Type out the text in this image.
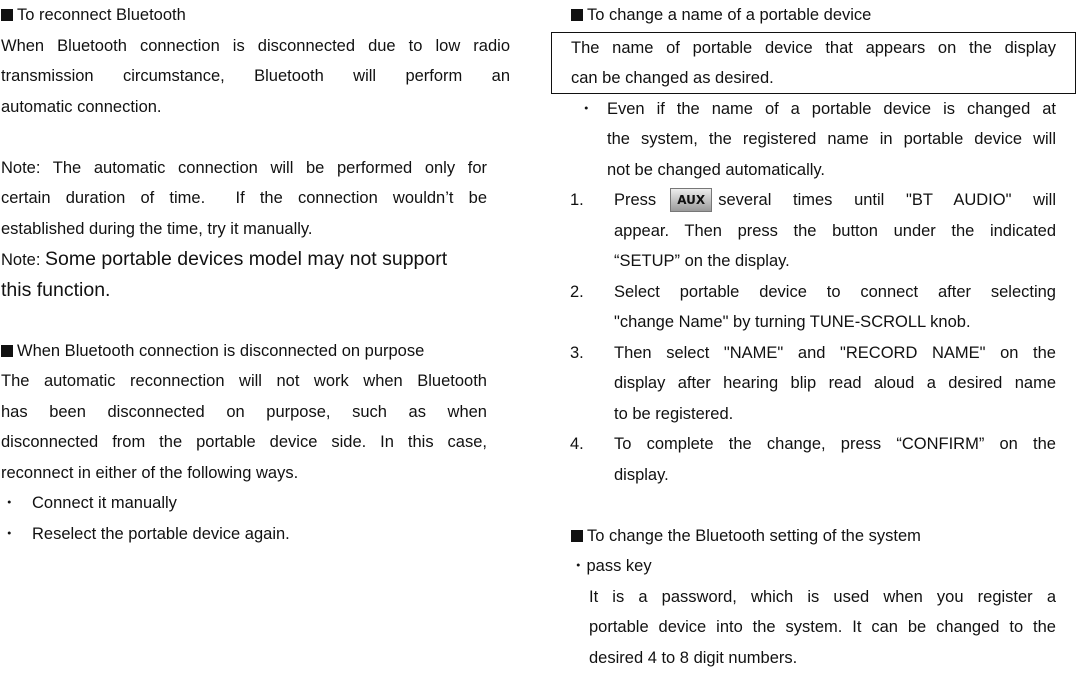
To reconnect Bluetooth
When Bluetooth connection is disconnected due to low radio
transmission circumstance, Bluetooth will perform an
automatic connection.
Note: The automatic connection will be performed only for
certain duration of time.  If the connection wouldn’t be
established during the time, try it manually.
Note: Some portable devices model may not support
this function.
When Bluetooth connection is disconnected on purpose
The automatic reconnection will not work when Bluetooth
has been disconnected on purpose, such as when
disconnected from the portable device side. In this case,
reconnect in either of the following ways.
・ Connect it manually
・ Reselect the portable device again.
To change a name of a portable device
The name of portable device that appears on the display
can be changed as desired.
・ Even if the name of a portable device is changed at
the system, the registered name in portable device will
not be changed automatically.
1. Press	AUX several times until "BT AUDIO" will
appear. Then press the button under the indicated
“SETUP” on the display.
2.	Select portable device to connect after selecting
"change Name" by turning TUNE-SCROLL knob.
3.	Then select "NAME" and "RECORD NAME" on the
display after hearing blip read aloud a desired name
to be registered.
4.	To complete the change, press “CONFIRM” on the
display.
To change the Bluetooth setting of the system
・pass key
It is a password, which is used when you register a
portable device into the system. It can be changed to the
desired 4 to 8 digit numbers.
